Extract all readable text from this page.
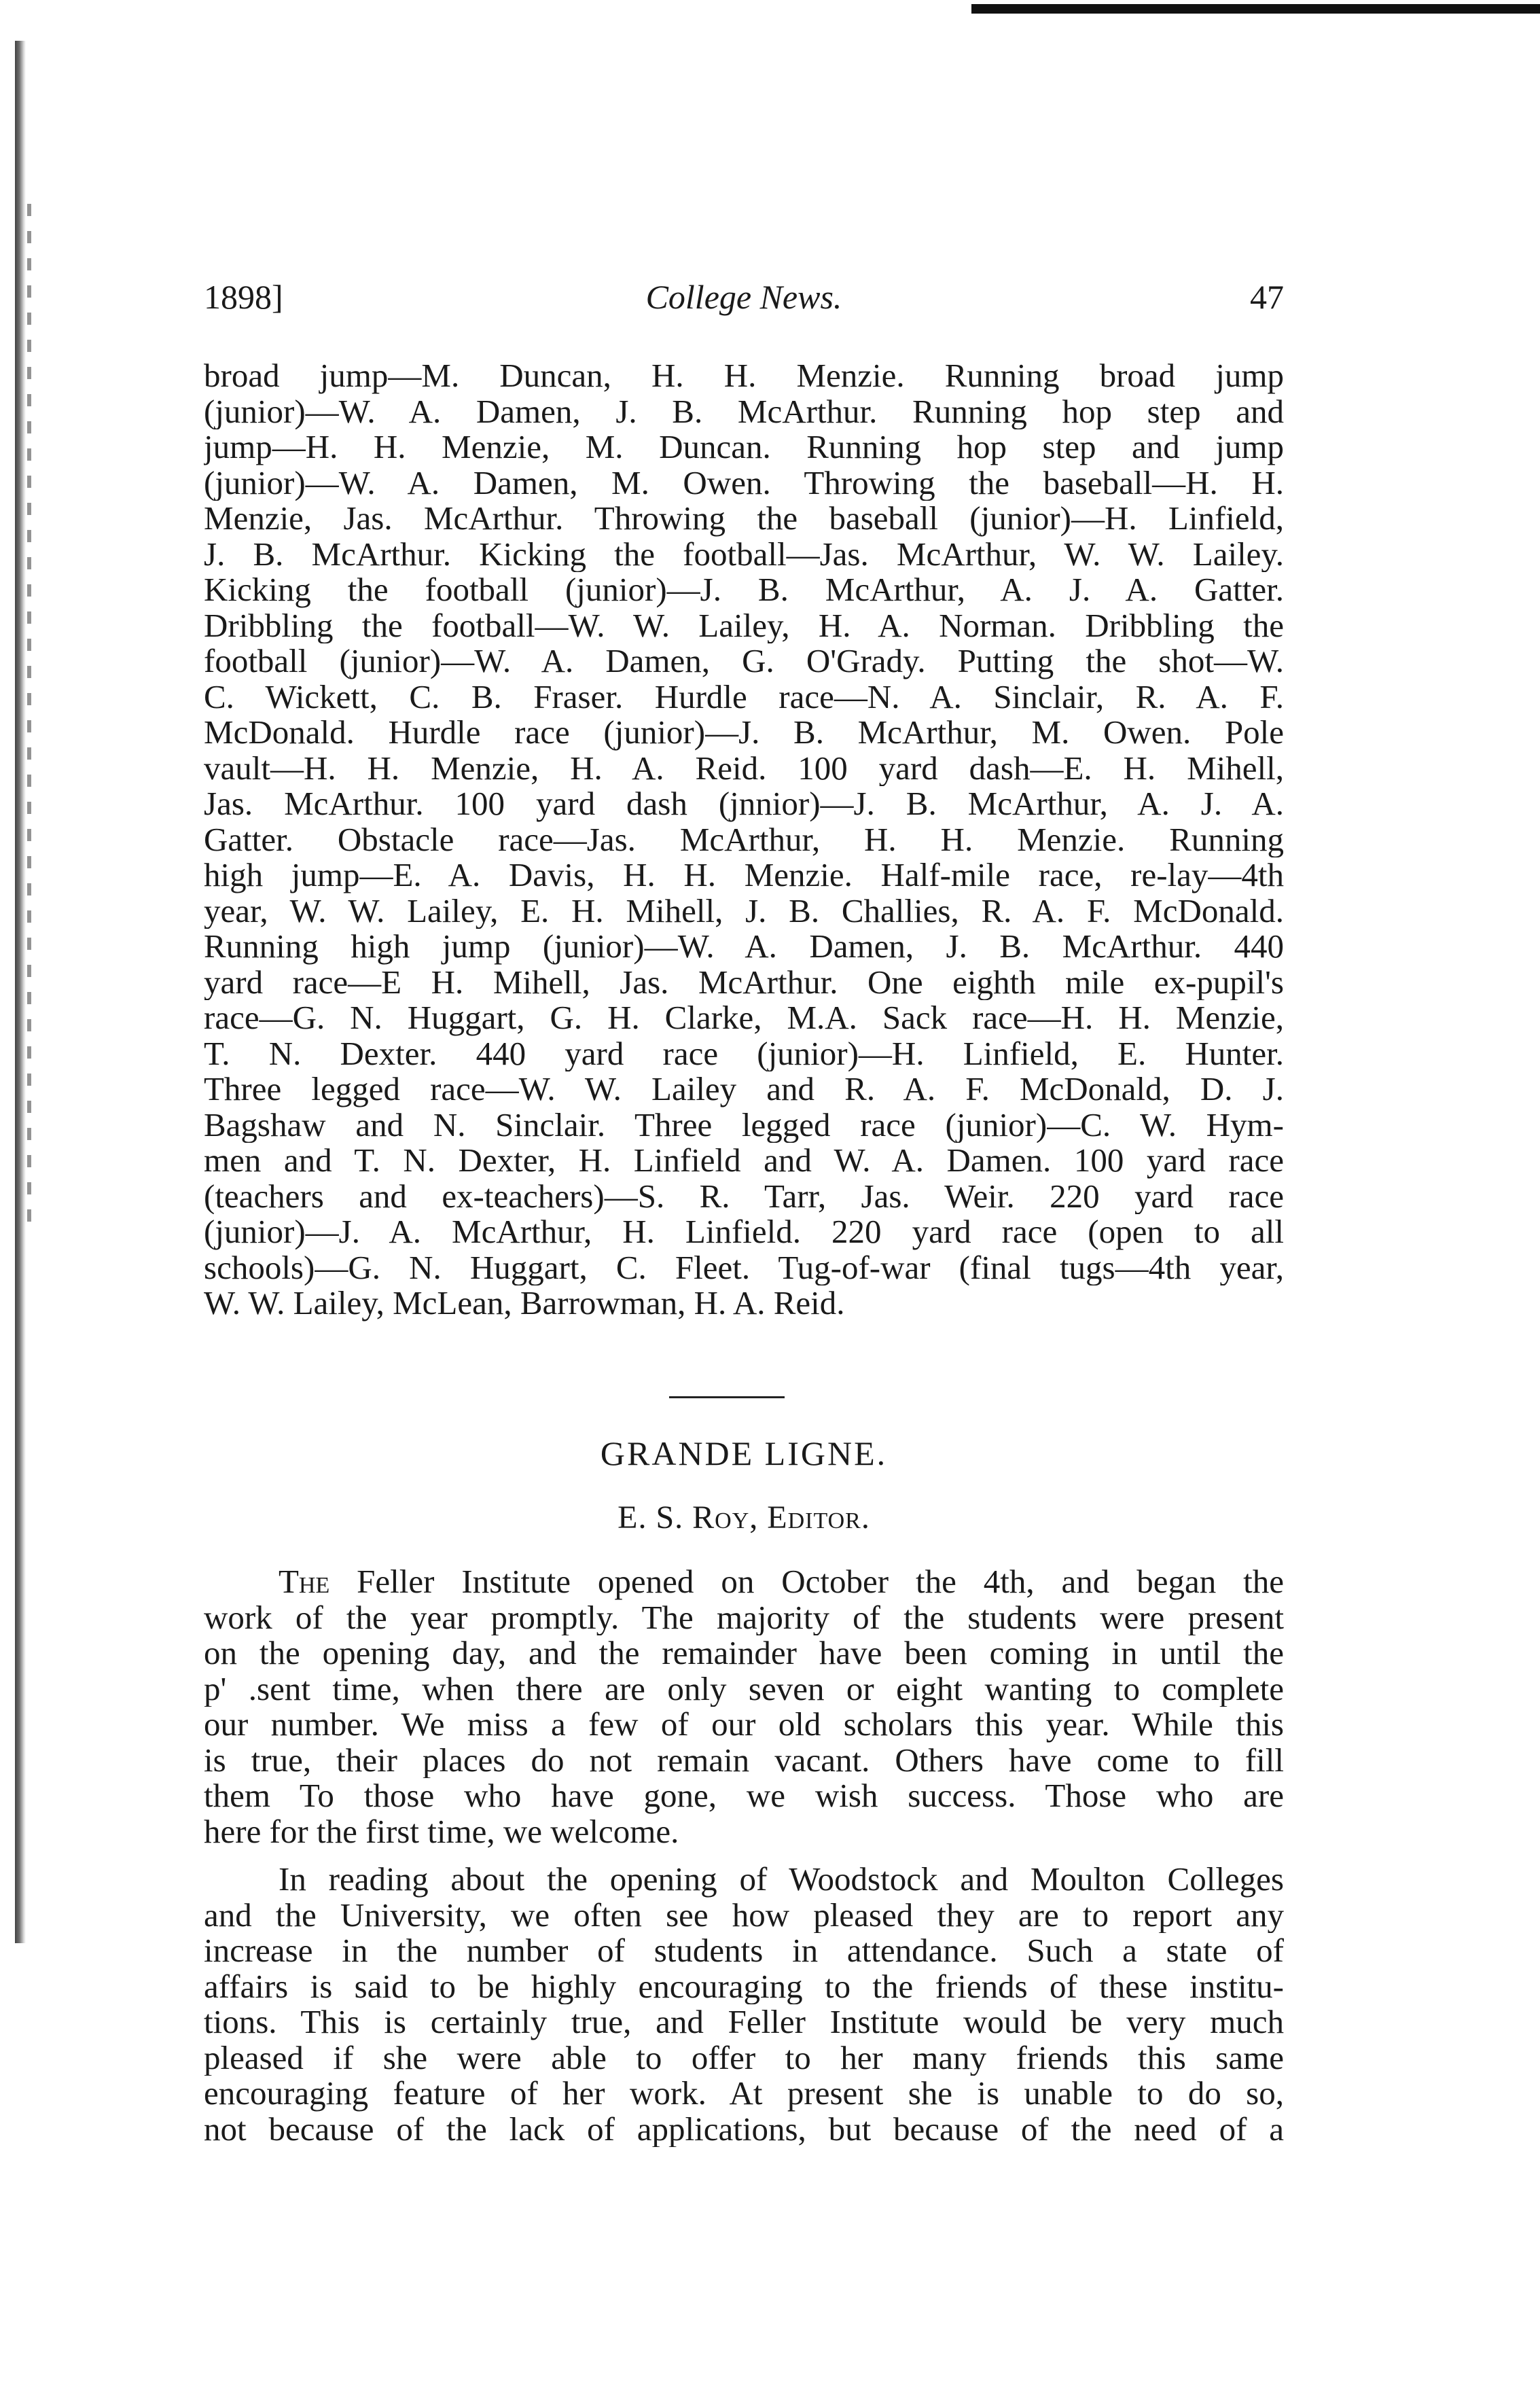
1898]	College News.	47
broad jump—M. Duncan, H. H. Menzie. Running broad jump
(junior)—W. A. Damen, J. B. McArthur. Running hop step and
jump—H. H. Menzie, M. Duncan. Running hop step and jump
(junior)—W. A. Damen, M. Owen. Throwing the baseball—H. H.
Menzie, Jas. McArthur. Throwing the baseball (junior)—H. Linfield,
J. B. McArthur. Kicking the football—Jas. McArthur, W. W. Lailey.
Kicking the football (junior)—J. B. McArthur, A. J. A. Gatter.
Dribbling the football—W. W. Lailey, H. A. Norman. Dribbling the
football (junior)—W. A. Damen, G. O'Grady. Putting the shot—W.
C. Wickett, C. B. Fraser. Hurdle race—N. A. Sinclair, R. A. F.
McDonald. Hurdle race (junior)—J. B. McArthur, M. Owen. Pole
vault—H. H. Menzie, H. A. Reid. 100 yard dash—E. H. Mihell,
Jas. McArthur. 100 yard dash (jnnior)—J. B. McArthur, A. J. A.
Gatter. Obstacle race—Jas. McArthur, H. H. Menzie. Running
high jump—E. A. Davis, H. H. Menzie. Half-mile race, re-lay—4th
year, W. W. Lailey, E. H. Mihell, J. B. Challies, R. A. F. McDonald.
Running high jump (junior)—W. A. Damen, J. B. McArthur. 440
yard race—E H. Mihell, Jas. McArthur. One eighth mile ex-pupil's
race—G. N. Huggart, G. H. Clarke, M.A. Sack race—H. H. Menzie,
T. N. Dexter. 440 yard race (junior)—H. Linfield, E. Hunter.
Three legged race—W. W. Lailey and R. A. F. McDonald, D. J.
Bagshaw and N. Sinclair. Three legged race (junior)—C. W. Hym-
men and T. N. Dexter, H. Linfield and W. A. Damen. 100 yard race
(teachers and ex-teachers)—S. R. Tarr, Jas. Weir. 220 yard race
(junior)—J. A. McArthur, H. Linfield. 220 yard race (open to all
schools)—G. N. Huggart, C. Fleet. Tug-of-war (final tugs—4th year,
W. W. Lailey, McLean, Barrowman, H. A. Reid.
GRANDE LIGNE.
E. S. Roy, Editor.
The Feller Institute opened on October the 4th, and began the
work of the year promptly. The majority of the students were present
on the opening day, and the remainder have been coming in until the
p' .sent time, when there are only seven or eight wanting to complete
our number. We miss a few of our old scholars this year. While this
is true, their places do not remain vacant. Others have come to fill
them To those who have gone, we wish success. Those who are
here for the first time, we welcome.
In reading about the opening of Woodstock and Moulton Colleges
and the University, we often see how pleased they are to report any
increase in the number of students in attendance. Such a state of
affairs is said to be highly encouraging to the friends of these institu-
tions. This is certainly true, and Feller Institute would be very much
pleased if she were able to offer to her many friends this same
encouraging feature of her work. At present she is unable to do so,
not because of the lack of applications, but because of the need of a
